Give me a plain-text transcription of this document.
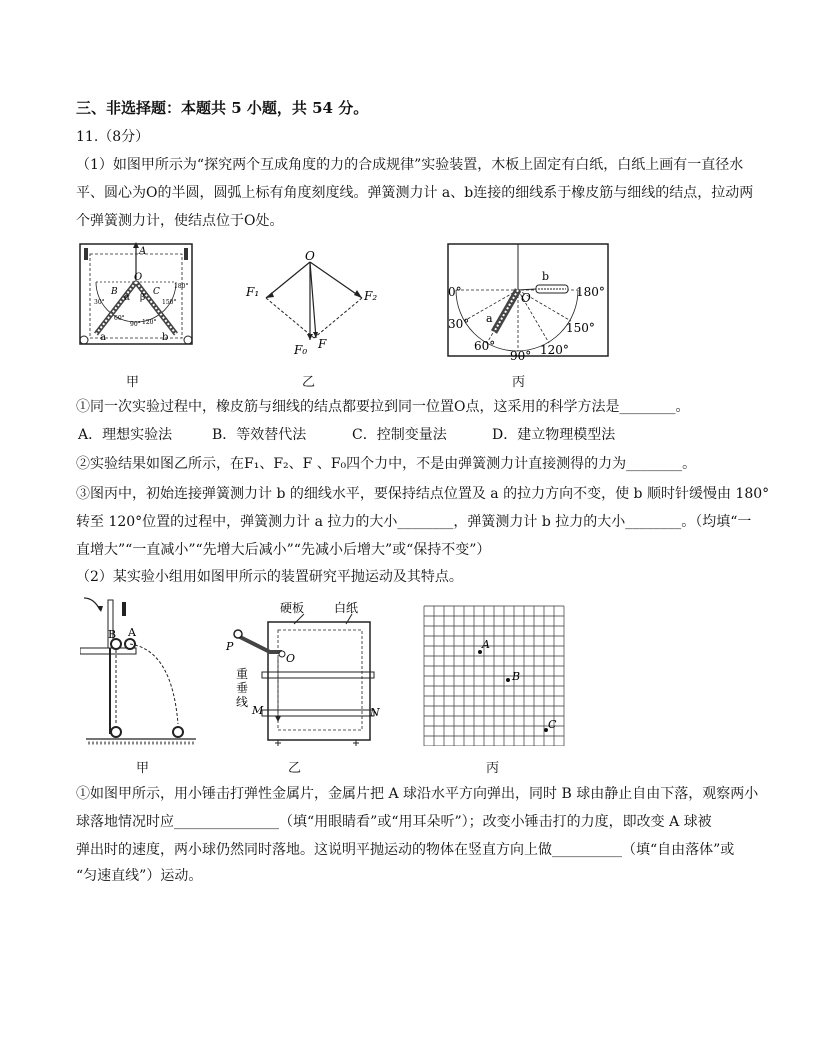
三、非选择题：本题共 5 小题，共 54 分。
11.（8分）
（1）如图甲所示为“探究两个互成角度的力的合成规律”实验装置，木板上固定有白纸，白纸上画有一直径水
平、圆心为O的半圆，圆弧上标有角度刻度线。弹簧测力计 a、b连接的细线系于橡皮筋与细线的结点，拉动两
个弹簧测力计，使结点位于O处。
A
O
B	C
α β
30°
60°
90° 120°
150°
180°
a	b
甲
O
F₁	F₂
F₀ F
乙
0°
30°
60°
90° 120°
150°
180°
O
a
b
丙
①同一次实验过程中，橡皮筋与细线的结点都要拉到同一位置O点，这采用的科学方法是________。
A．理想实验法	B．等效替代法	C．控制变量法	D．建立物理模型法
②实验结果如图乙所示，在F₁、F₂、F 、F₀四个力中，不是由弹簧测力计直接测得的力为________。
③图丙中，初始连接弹簧测力计 b 的细线水平，要保持结点位置及 a 的拉力方向不变，使 b 顺时针缓慢由 180°
转至 120°位置的过程中，弹簧测力计 a 拉力的大小________，弹簧测力计 b 拉力的大小________。（均填“一
直增大”“一直减小”“先增大后减小”“先减小后增大”或“保持不变”）
（2）某实验小组用如图甲所示的装置研究平抛运动及其特点。
B A
甲
硬板 白纸
P
O
重
垂
线
M	N
乙
A
B
C
丙
①如图甲所示，用小锤击打弹性金属片，金属片把 A 球沿水平方向弹出，同时 B 球由静止自由下落，观察两小
球落地情况时应_______________（填“用眼睛看”或“用耳朵听”）；改变小锤击打的力度，即改变 A 球被
弹出时的速度，两小球仍然同时落地。这说明平抛运动的物体在竖直方向上做__________（填“自由落体”或
“匀速直线”）运动。
